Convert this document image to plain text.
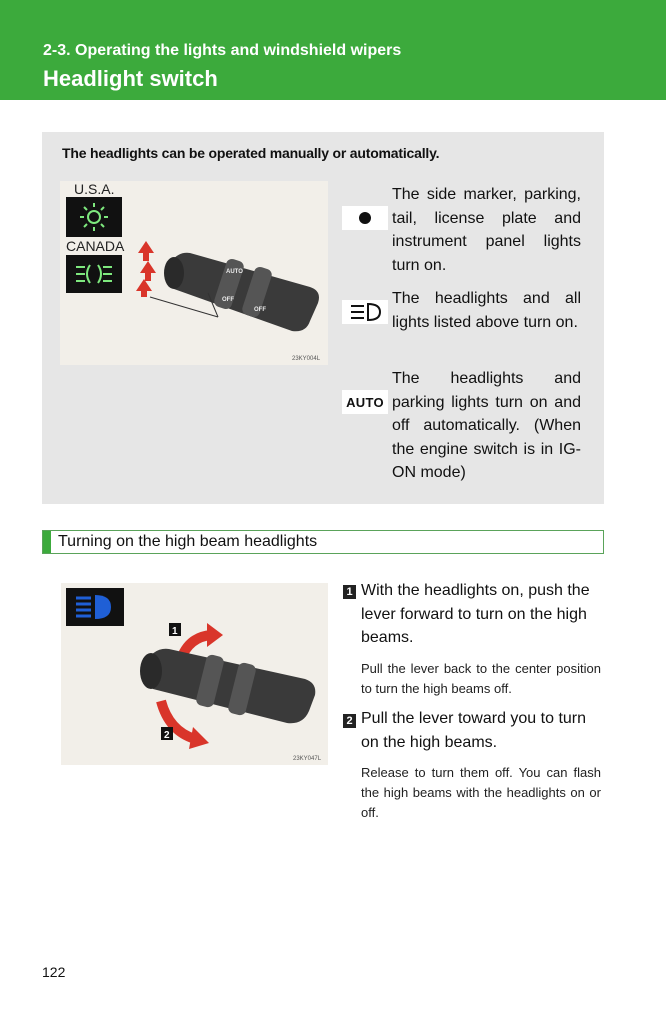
2-3. Operating the lights and windshield wipers
Headlight switch
The headlights can be operated manually or automatically.
AUTO
OFF
OFF
U.S.A.
CANADA
23KY004L
The side marker, parking, tail, license plate and instrument panel lights turn on.
The headlights and all lights listed above turn on.
AUTO
The headlights and parking lights turn on and off automatically. (When the engine switch is in IG-ON mode)
Turning on the high beam headlights
1
2
23KY047L
1 With the headlights on, push the lever forward to turn on the high beams.
Pull the lever back to the center position to turn the high beams off.
2 Pull the lever toward you to turn on the high beams.
Release to turn them off. You can flash the high beams with the headlights on or off.
122
